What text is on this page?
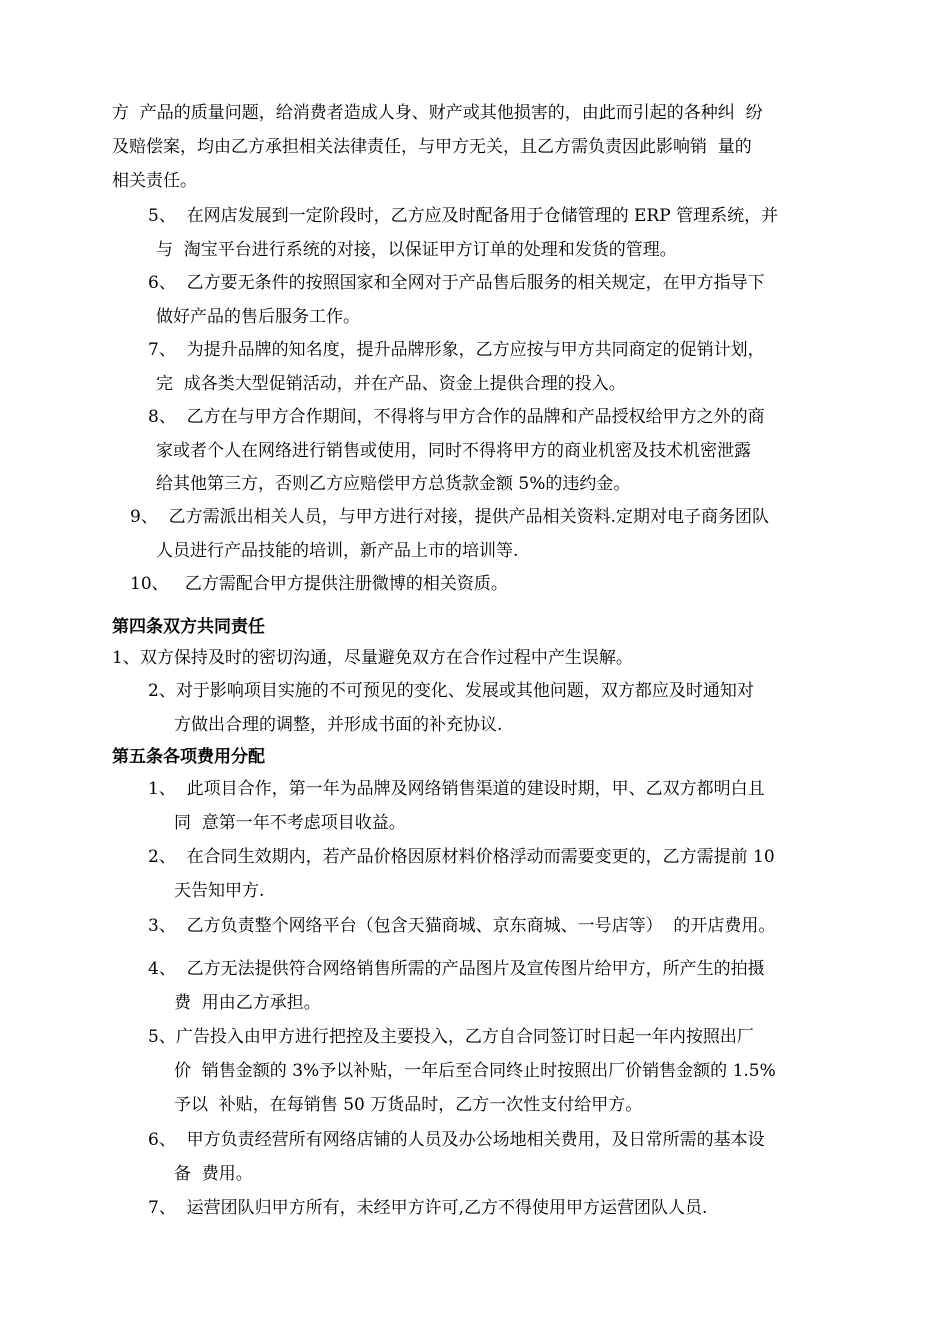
方  产品的质量问题，给消费者造成人身、财产或其他损害的，由此而引起的各种纠  纷
及赔偿案，均由乙方承担相关法律责任，与甲方无关，且乙方需负责因此影响销  量的
相关责任。
5、  在网店发展到一定阶段时，乙方应及时配备用于仓储管理的 ERP 管理系统，并
与  淘宝平台进行系统的对接，以保证甲方订单的处理和发货的管理。
6、  乙方要无条件的按照国家和全网对于产品售后服务的相关规定，在甲方指导下
做好产品的售后服务工作。
7、  为提升品牌的知名度，提升品牌形象，乙方应按与甲方共同商定的促销计划，
完  成各类大型促销活动，并在产品、资金上提供合理的投入。
8、  乙方在与甲方合作期间，不得将与甲方合作的品牌和产品授权给甲方之外的商
家或者个人在网络进行销售或使用，同时不得将甲方的商业机密及技术机密泄露
给其他第三方，否则乙方应赔偿甲方总货款金额 5%的违约金。
9、  乙方需派出相关人员，与甲方进行对接，提供产品相关资料.定期对电子商务团队
人员进行产品技能的培训，新产品上市的培训等.
10、   乙方需配合甲方提供注册微博的相关资质。
第四条双方共同责任
1、双方保持及时的密切沟通，尽量避免双方在合作过程中产生误解。
2、对于影响项目实施的不可预见的变化、发展或其他问题，双方都应及时通知对
方做出合理的调整，并形成书面的补充协议.
第五条各项费用分配
1、  此项目合作，第一年为品牌及网络销售渠道的建设时期，甲、乙双方都明白且
同  意第一年不考虑项目收益。
2、  在合同生效期内，若产品价格因原材料价格浮动而需要变更的，乙方需提前 10
天告知甲方.
3、  乙方负责整个网络平台（包含天猫商城、京东商城、一号店等）  的开店费用。
4、  乙方无法提供符合网络销售所需的产品图片及宣传图片给甲方，所产生的拍摄
费  用由乙方承担。
5、广告投入由甲方进行把控及主要投入，乙方自合同签订时日起一年内按照出厂
价  销售金额的 3%予以补贴，一年后至合同终止时按照出厂价销售金额的 1.5%
予以  补贴，在每销售 50 万货品时，乙方一次性支付给甲方。
6、  甲方负责经营所有网络店铺的人员及办公场地相关费用，及日常所需的基本设
备  费用。
7、  运营团队归甲方所有，未经甲方许可,乙方不得使用甲方运营团队人员.
